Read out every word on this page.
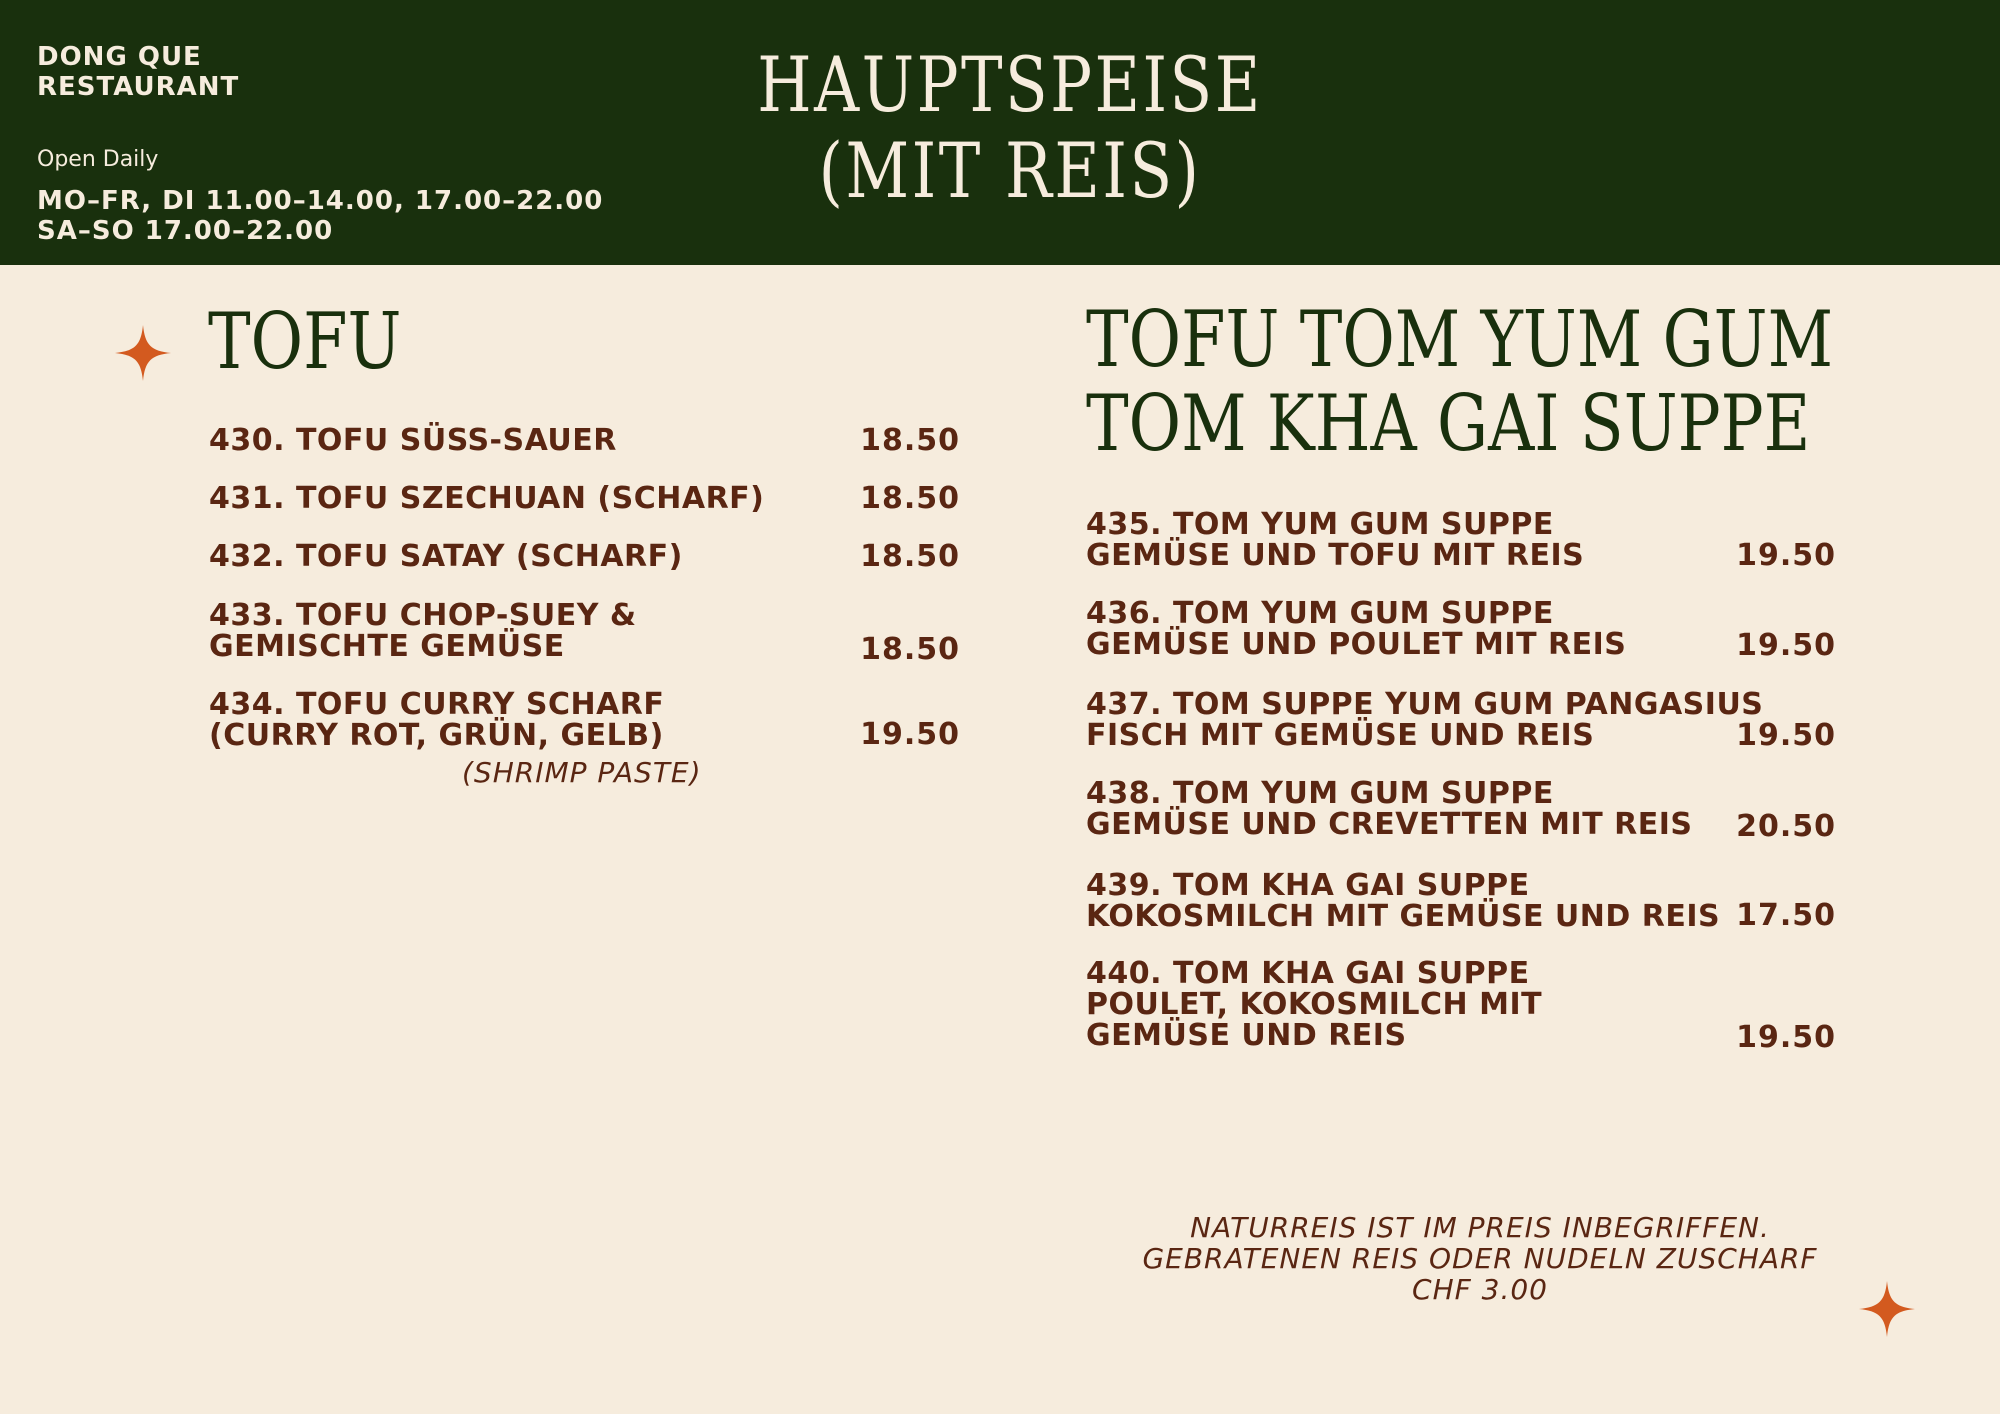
DONG QUE
RESTAURANT
Open Daily
MO–FR, DI 11.00–14.00, 17.00–22.00
SA–SO 17.00–22.00
HAUPTSPEISE
(MIT REIS)
TOFU
430. TOFU SÜSS-SAUER	18.50
431. TOFU SZECHUAN (SCHARF)	18.50
432. TOFU SATAY (SCHARF)	18.50
433. TOFU CHOP-SUEY &
GEMISCHTE GEMÜSE	18.50
434. TOFU CURRY SCHARF
(CURRY ROT, GRÜN, GELB)	19.50
(SHRIMP PASTE)
TOFU TOM YUM GUM
TOM KHA GAI SUPPE
435. TOM YUM GUM SUPPE
GEMÜSE UND TOFU MIT REIS	19.50
436. TOM YUM GUM SUPPE
GEMÜSE UND POULET MIT REIS	19.50
437. TOM SUPPE YUM GUM PANGASIUS
FISCH MIT GEMÜSE UND REIS	19.50
438. TOM YUM GUM SUPPE
GEMÜSE UND CREVETTEN MIT REIS	20.50
439. TOM KHA GAI SUPPE
KOKOSMILCH MIT GEMÜSE UND REIS 17.50
440. TOM KHA GAI SUPPE
POULET, KOKOSMILCH MIT
GEMÜSE UND REIS	19.50
NATURREIS IST IM PREIS INBEGRIFFEN.
GEBRATENEN REIS ODER NUDELN ZUSCHARF
CHF 3.00
